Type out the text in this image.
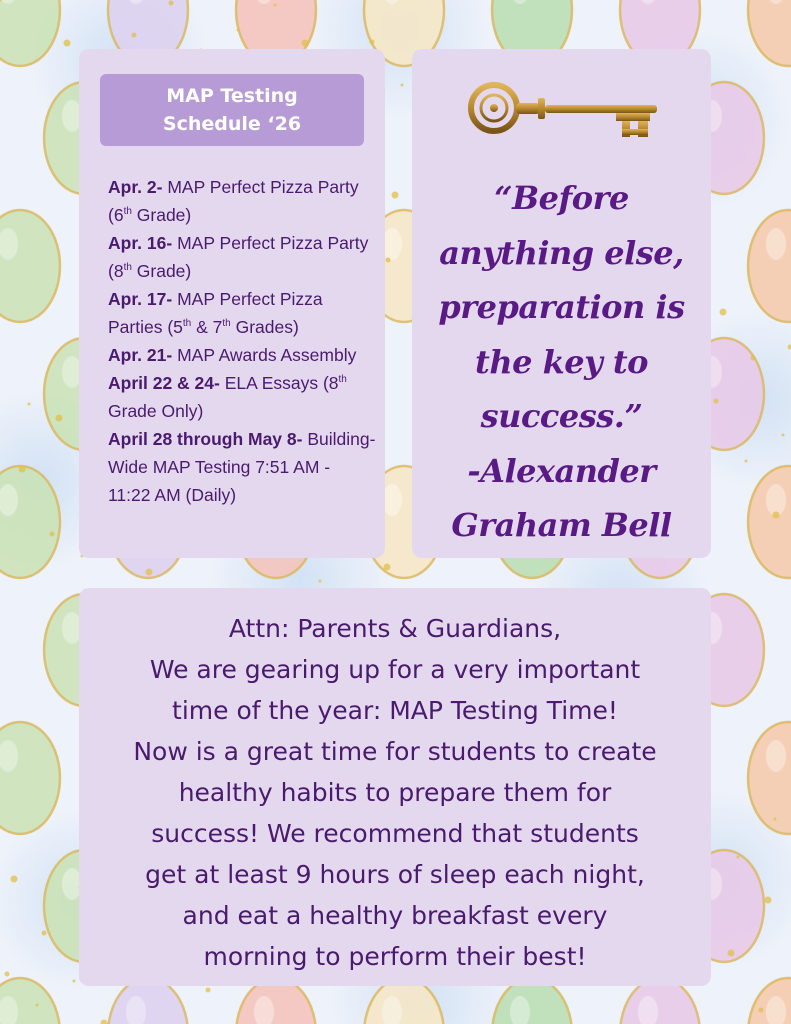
MAP Testing
Schedule ‘26
Apr. 2- MAP Perfect Pizza Party (6th Grade)
Apr. 16- MAP Perfect Pizza Party (8th Grade)
Apr. 17- MAP Perfect Pizza Parties (5th & 7th Grades)
Apr. 21- MAP Awards Assembly
April 22 & 24- ELA Essays (8th Grade Only)
April 28 through May 8- Building-Wide MAP Testing 7:51 AM - 11:22 AM (Daily)
“Before
anything else,
preparation is
the key to
success.”
-Alexander
Graham Bell
Attn: Parents & Guardians,
We are gearing up for a very important
time of the year: MAP Testing Time!
Now is a great time for students to create
healthy habits to prepare them for
success! We recommend that students
get at least 9 hours of sleep each night,
and eat a healthy breakfast every
morning to perform their best!
